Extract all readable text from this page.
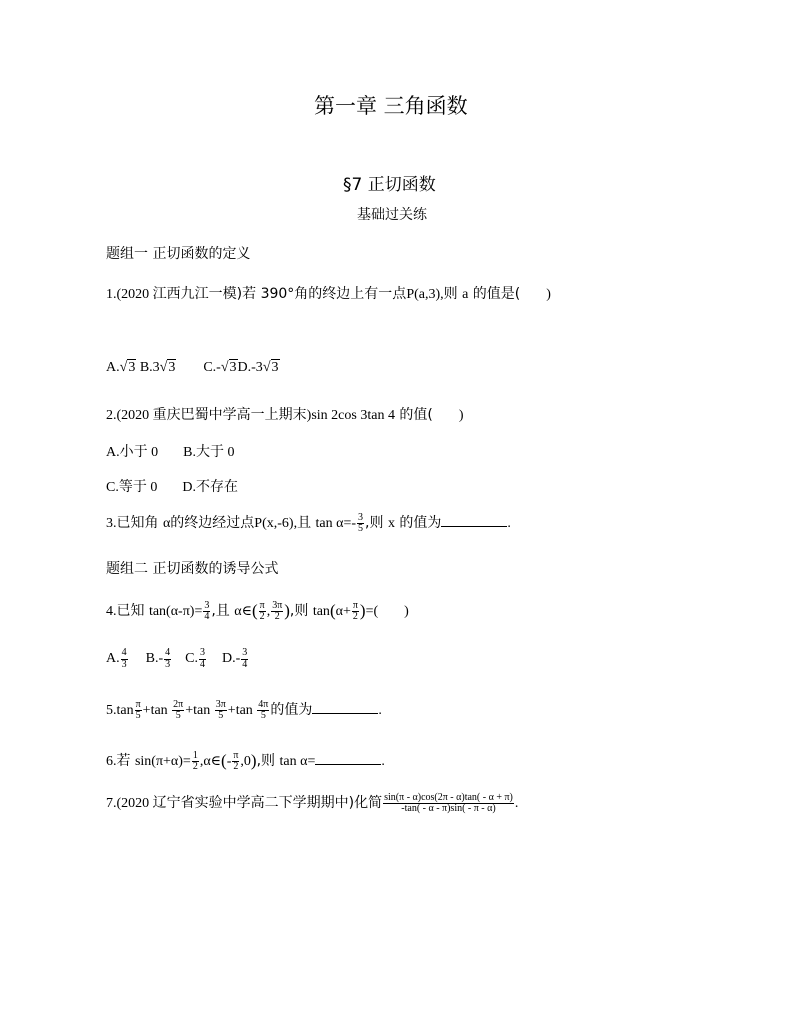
第一章 三角函数
§7 正切函数
基础过关练
题组一 正切函数的定义
1.(2020 江西九江一模)若 390°角的终边上有一点P(a,3),则 a 的值是( )
A.√3 B.3√3 C.-√3D.-3√3
2.(2020 重庆巴蜀中学高一上期末)sin 2cos 3tan 4 的值( )
A.小于 0 B.大于 0
C.等于 0 D.不存在
3.已知角 α的终边经过点P(x,-6),且 $\tan \alpha=- \frac{3}{5}$ ,则 x 的值为	.
题组二 正切函数的诱导公式
4.已知 $\tan(\alpha-\pi)= \frac{3}{4}$ ,且 α∈( $\frac{\pi}{2}$ , $\frac{3\pi}{2}$ ),则 $\tan(\alpha+ \frac{\pi}{2}$ )=( )
A. $\frac{4}{3} B.- \frac{4}{3} C$. $\frac{3}{4} D.- \frac{3}{4}$
$5.\tan \frac{\pi}{5} +\tan \frac{2\pi}{5} +\tan \frac{3\pi}{5} +\tan \frac{4\pi}{5}$ 的值为	.
6.若 $\sin(\pi+\alpha)= \frac{1}{2}$ ,α∈(- $\frac{\pi}{2} ,0$),则 tan α=	.
7.(2020 辽宁省实验中学高二下学期期中)化简 $\frac{\sin(\pi - \alpha)\cos(2\pi - \alpha)\tan( - \alpha + \pi)}{-\tan( - \alpha - \pi)\sin( - \pi - \alpha)}$ .
